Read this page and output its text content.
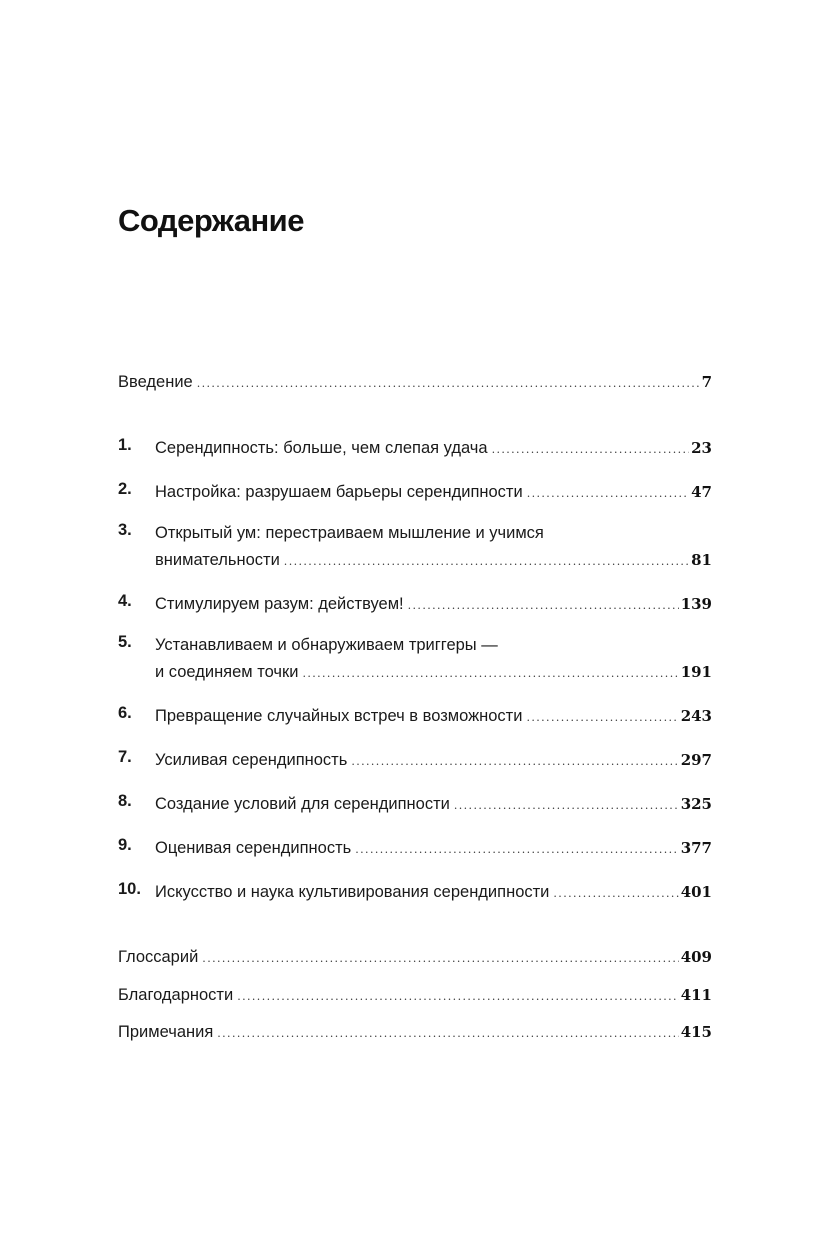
Содержание
Введение .....	7
1. Серендипность: больше, чем слепая удача .....	23
2. Настройка: разрушаем барьеры серендипности .....	47
3. Открытый ум: перестраиваем мышление и учимся
внимательности .....	81
4. Стимулируем разум: действуем! .....	139
5. Устанавливаем и обнаруживаем триггеры —
и соединяем точки .....	191
6. Превращение случайных встреч в возможности .....	243
7. Усиливая серендипность .....	297
8. Создание условий для серендипности .....	325
9. Оценивая серендипность .....	377
10. Искусство и наука культивирования серендипности .....	401
Глоссарий .....	409
Благодарности .....	411
Примечания .....	415
